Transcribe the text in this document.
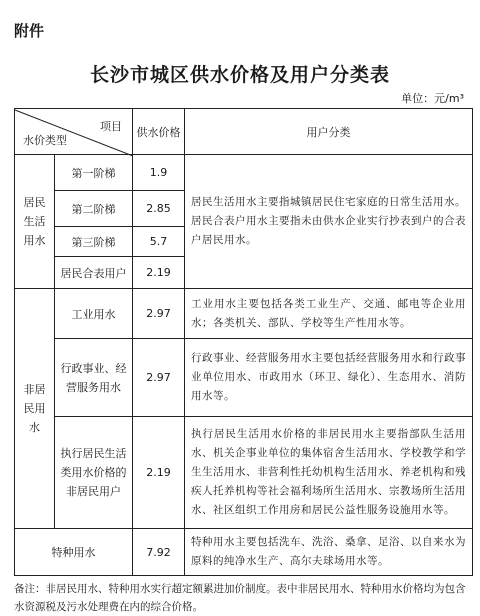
附件
长沙市城区供水价格及用户分类表
单位：元/m³
项目
水价类型		供水价格	用户分类

居民生活用水	第一阶梯	1.9	居民生活用水主要指城镇居民住宅家庭的日常生活用水。居民合表户用水主要指未由供水企业实行抄表到户的合表户居民用水。
	第二阶梯	2.85	
	第三阶梯	5.7	
	居民合表用户	2.19	

非居民用水	工业用水	2.97	工业用水主要包括各类工业生产、交通、邮电等企业用水；各类机关、部队、学校等生产性用水等。
	行政事业、经营服务用水	2.97	行政事业、经营服务用水主要包括经营服务用水和行政事业单位用水、市政用水（环卫、绿化）、生态用水、消防用水等。
	执行居民生活类用水价格的非居民用户	2.19	执行居民生活用水价格的非居民用水主要指部队生活用水、机关企事业单位的集体宿舍生活用水、学校教学和学生生活用水、非营利性托幼机构生活用水、养老机构和残疾人托养机构等社会福利场所生活用水、宗教场所生活用水、社区组织工作用房和居民公益性服务设施用水等。
特种用水		7.92	特种用水主要包括洗车、洗浴、桑拿、足浴、以自来水为原料的纯净水生产、高尔夫球场用水等。
备注：非居民用水、特种用水实行超定额累进加价制度。表中非居民用水、特种用水价格均为包含水资源税及污水处理费在内的综合价格。
